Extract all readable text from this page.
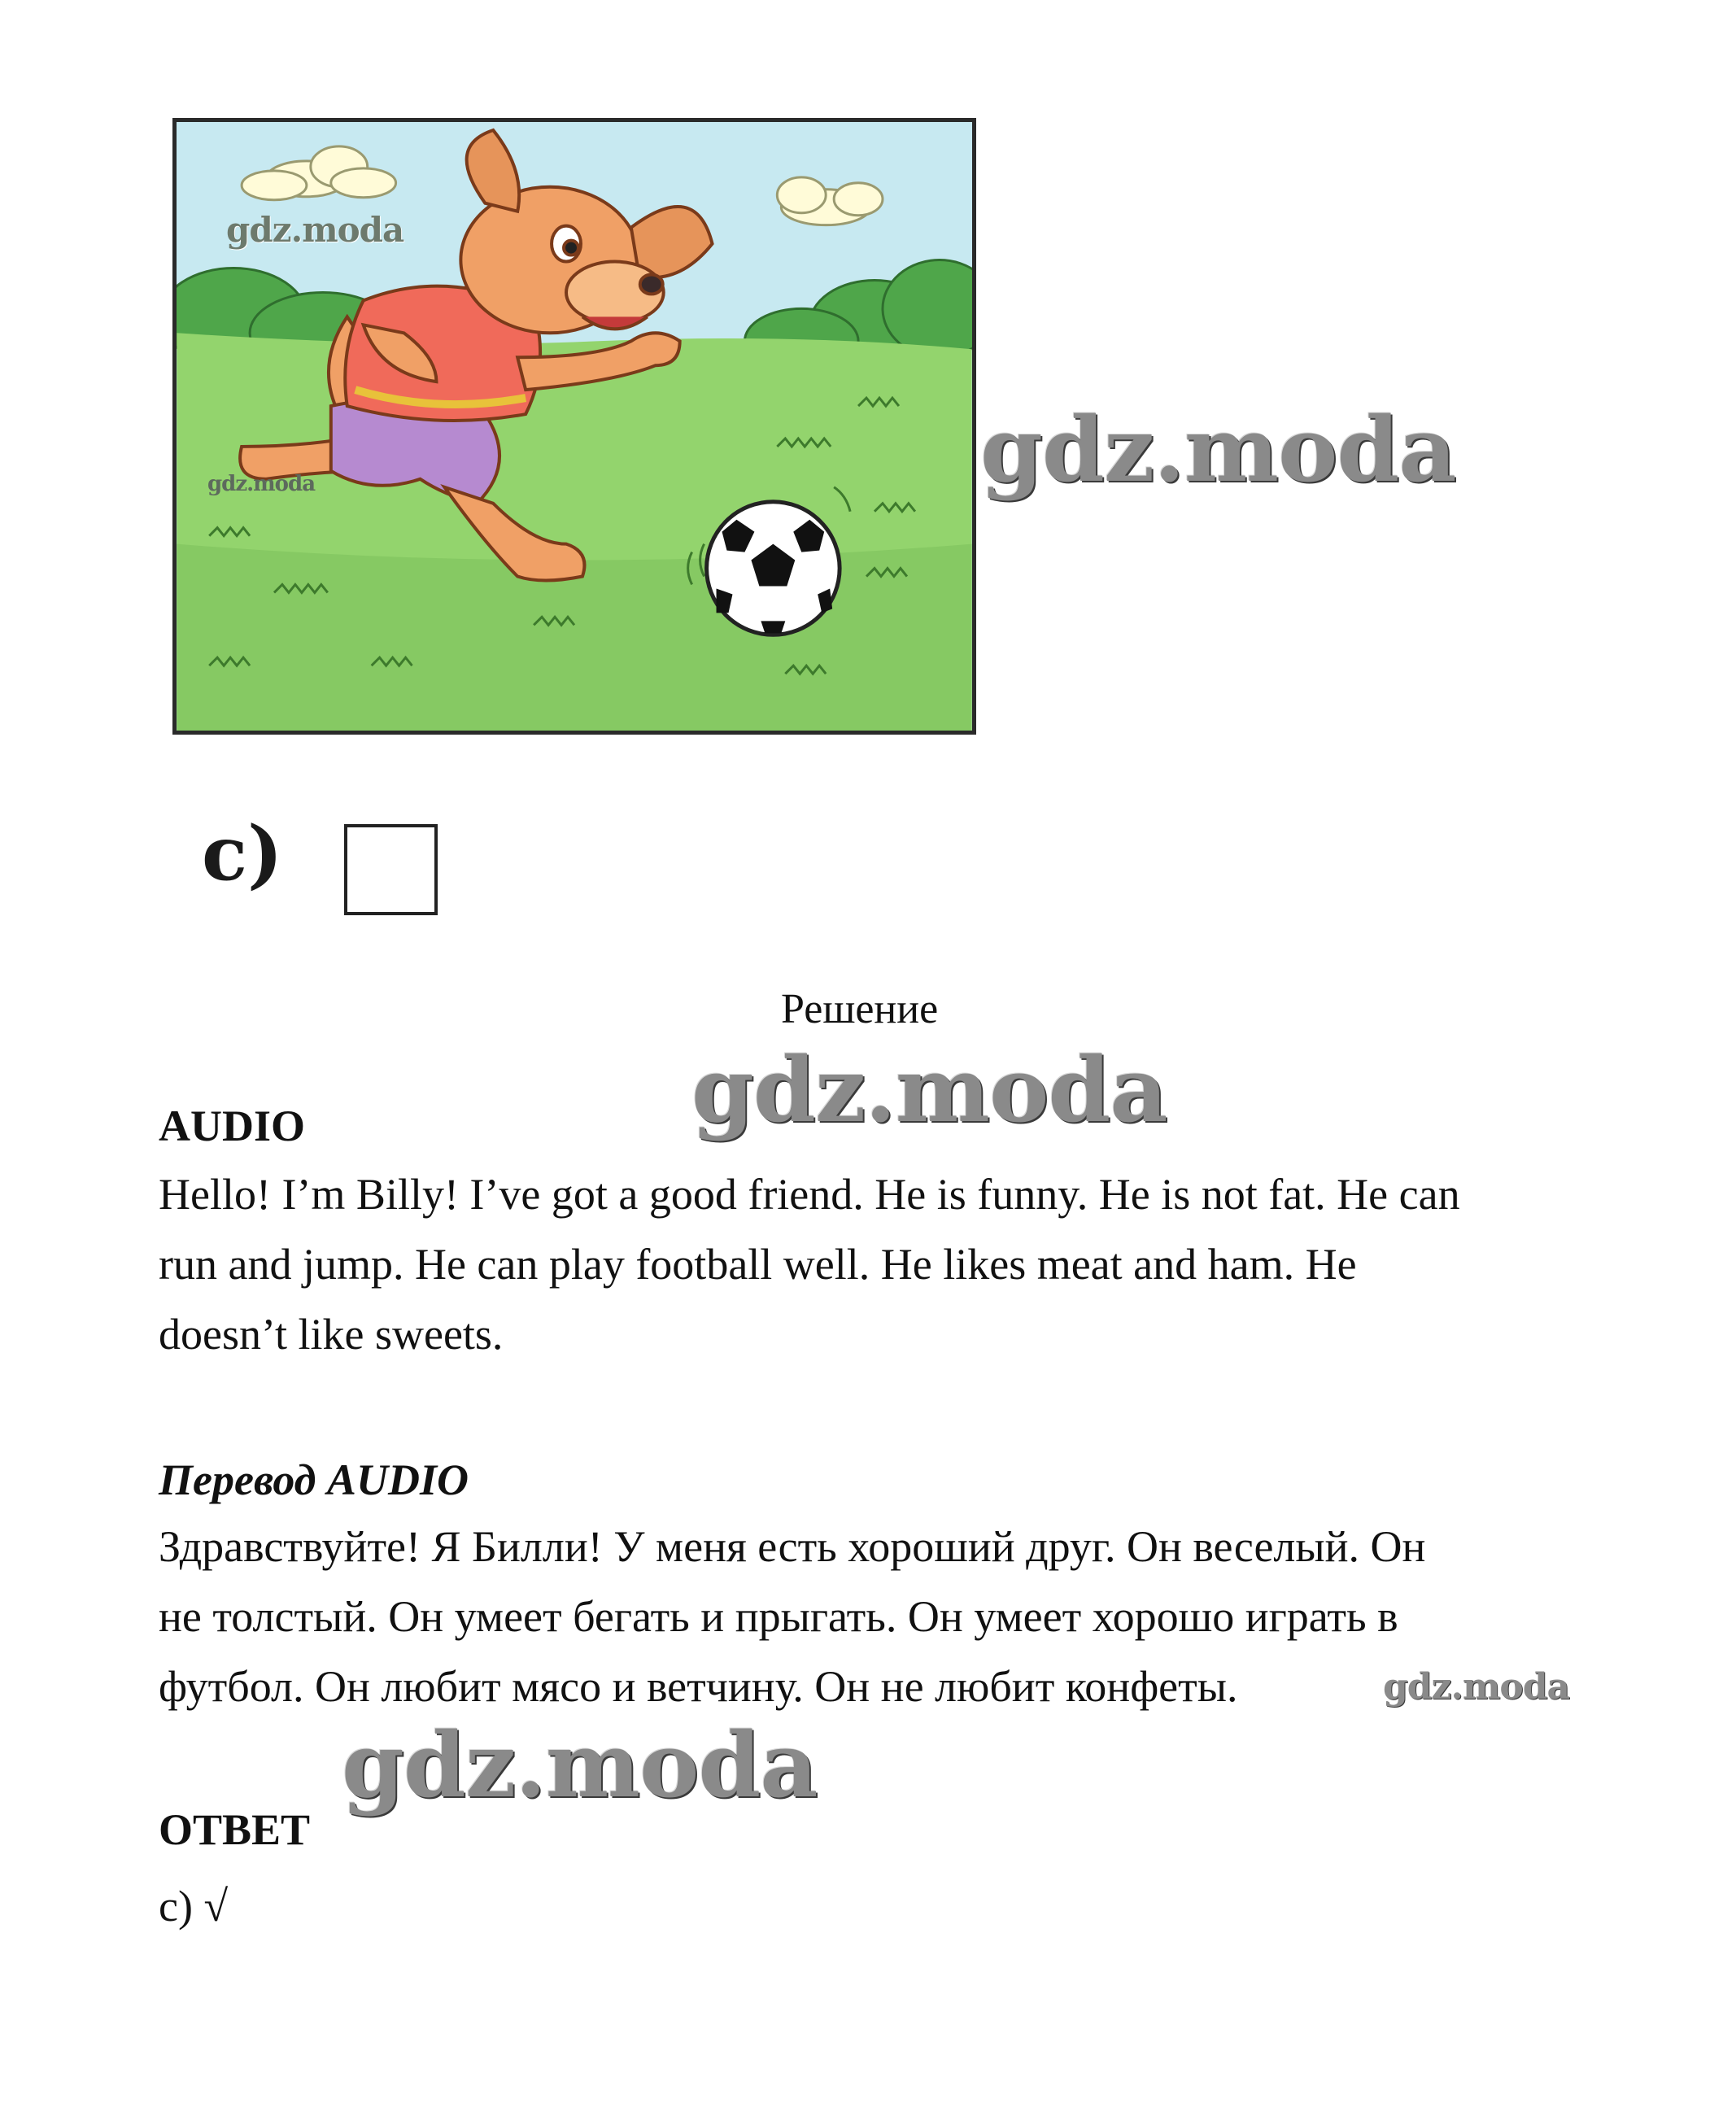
gdz.moda
gdz.moda	gdz.moda
gdz.moda
gdz.moda
gdz.moda
c)
Решение
AUDIO
Hello! I’m Billy! I’ve got a good friend. He is funny. He is not fat. He can
run and jump. He can play football well. He likes meat and ham. He
doesn’t like sweets.
Перевод AUDIO
Здравствуйте! Я Билли! У меня есть хороший друг. Он веселый. Он
не толстый. Он умеет бегать и прыгать. Он умеет хорошо играть в
футбол. Он любит мясо и ветчину. Он не любит конфеты.
ОТВЕТ
c) √
